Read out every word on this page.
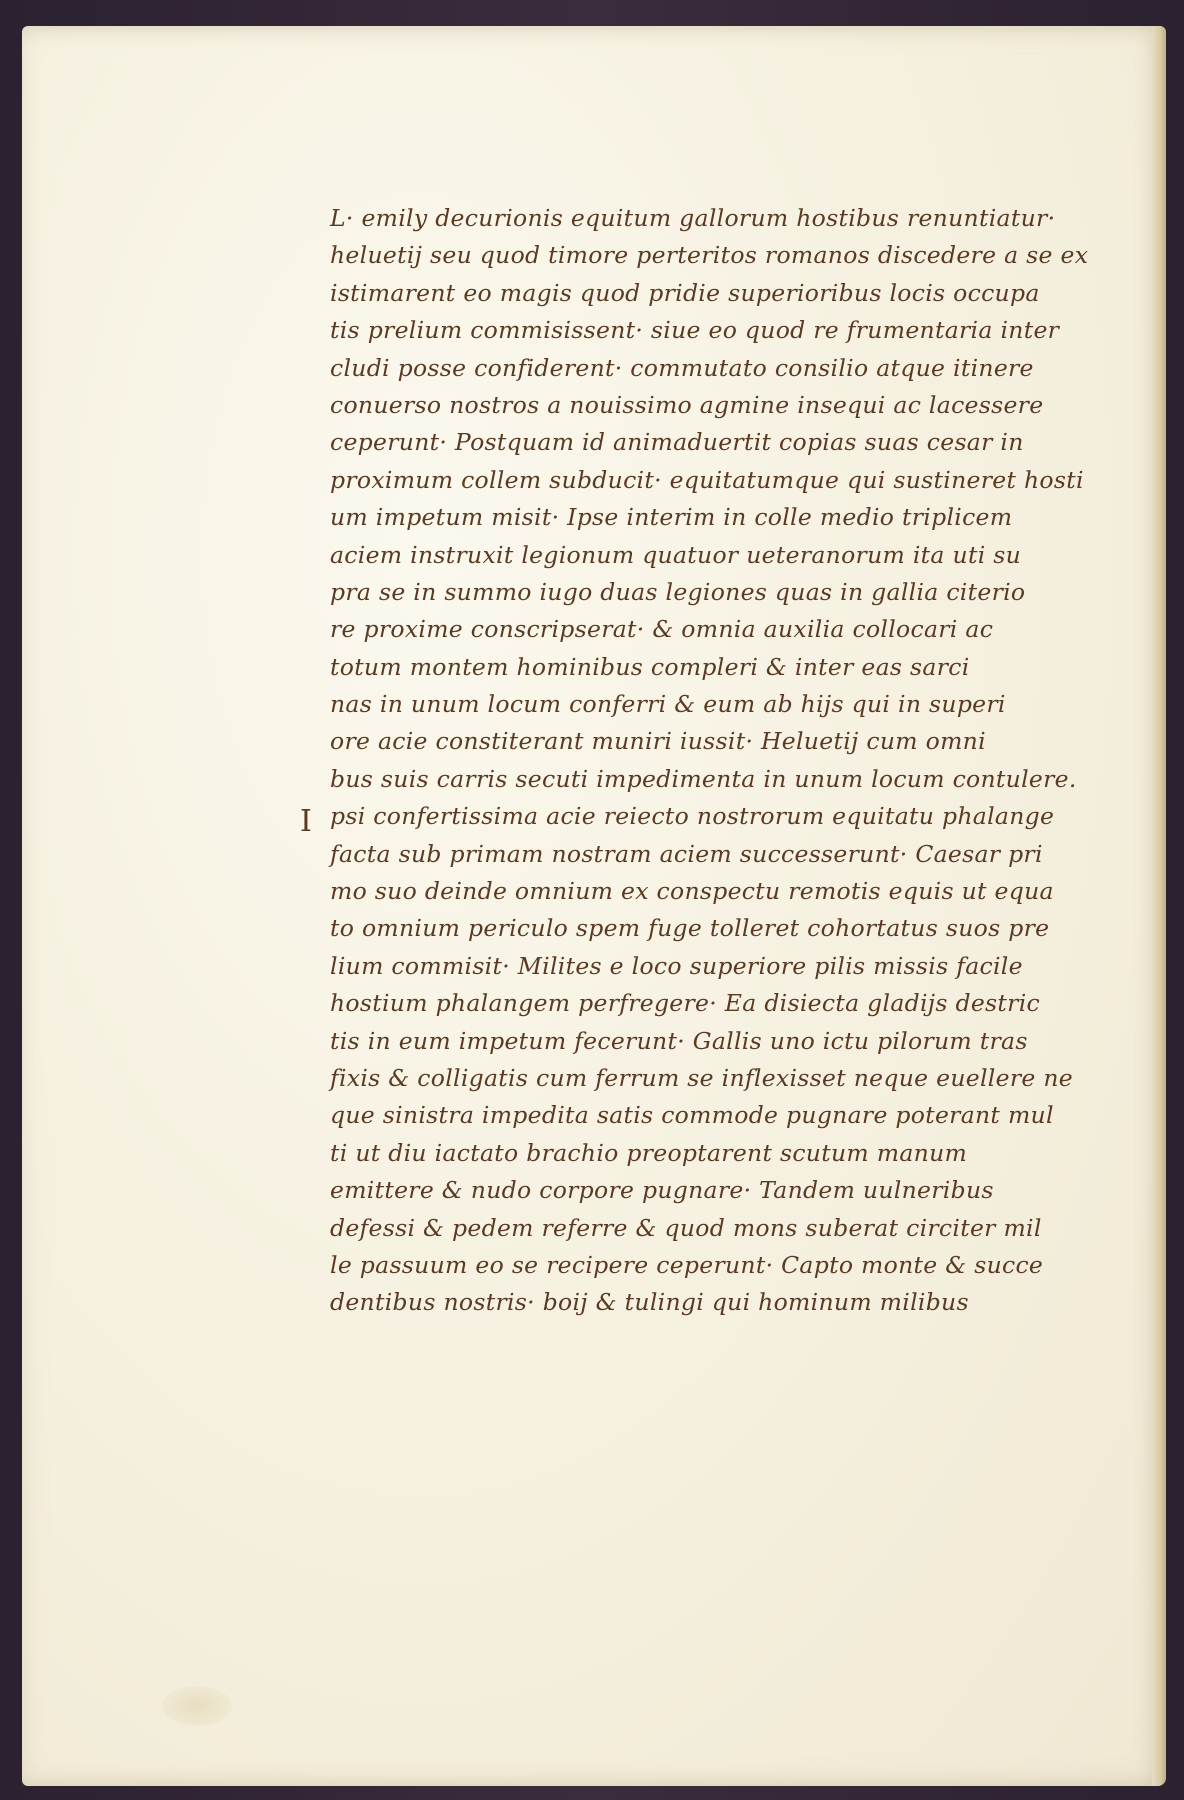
I
L· emily decurionis equitum gallorum hostibus renuntiatur·
heluetij seu quod timore perteritos romanos discedere a se ex
istimarent eo magis quod pridie superioribus locis occupa
tis prelium commisissent· siue eo quod re frumentaria inter
cludi posse confiderent· commutato consilio atque itinere
conuerso nostros a nouissimo agmine insequi ac lacessere
ceperunt· Postquam id animaduertit copias suas cesar in
proximum collem subducit· equitatumque qui sustineret hosti
um impetum misit· Ipse interim in colle medio triplicem
aciem instruxit legionum quatuor ueteranorum ita uti su
pra se in summo iugo duas legiones quas in gallia citerio
re proxime conscripserat· & omnia auxilia collocari ac
totum montem hominibus compleri & inter eas sarci
nas in unum locum conferri & eum ab hijs qui in superi
ore acie constiterant muniri iussit· Heluetij cum omni
bus suis carris secuti impedimenta in unum locum contulere.
psi confertissima acie reiecto nostrorum equitatu phalange
facta sub primam nostram aciem successerunt· Caesar pri
mo suo deinde omnium ex conspectu remotis equis ut equa
to omnium periculo spem fuge tolleret cohortatus suos pre
lium commisit· Milites e loco superiore pilis missis facile
hostium phalangem perfregere· Ea disiecta gladijs destric
tis in eum impetum fecerunt· Gallis uno ictu pilorum tras
fixis & colligatis cum ferrum se inflexisset neque euellere ne
que sinistra impedita satis commode pugnare poterant mul
ti ut diu iactato brachio preoptarent scutum manum
emittere & nudo corpore pugnare· Tandem uulneribus
defessi & pedem referre & quod mons suberat circiter mil
le passuum eo se recipere ceperunt· Capto monte & succe
dentibus nostris· boij & tulingi qui hominum milibus
